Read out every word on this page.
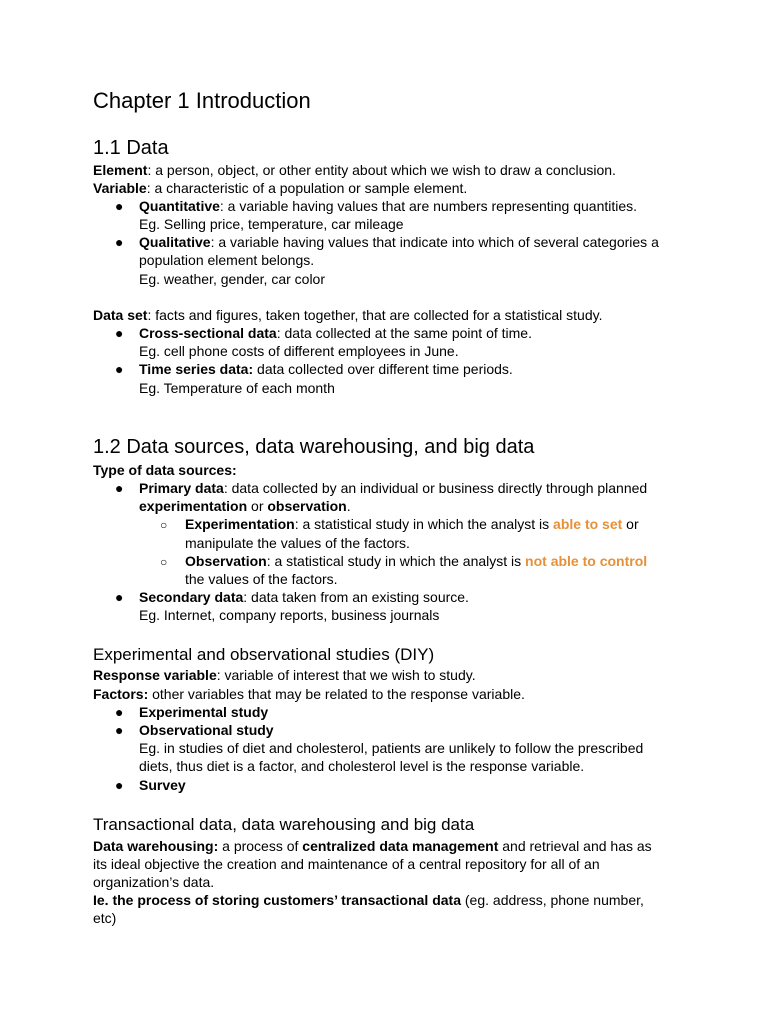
Chapter 1 Introduction
1.1 Data
Element: a person, object, or other entity about which we wish to draw a conclusion.
Variable: a characteristic of a population or sample element.
● Quantitative: a variable having values that are numbers representing quantities.
Eg. Selling price, temperature, car mileage
● Qualitative: a variable having values that indicate into which of several categories a
population element belongs.
Eg. weather, gender, car color
Data set: facts and figures, taken together, that are collected for a statistical study.
● Cross-sectional data: data collected at the same point of time.
Eg. cell phone costs of different employees in June.
● Time series data: data collected over different time periods.
Eg. Temperature of each month
1.2 Data sources, data warehousing, and big data
Type of data sources:
● Primary data: data collected by an individual or business directly through planned
experimentation or observation.
○ Experimentation: a statistical study in which the analyst is able to set or
manipulate the values of the factors.
○ Observation: a statistical study in which the analyst is not able to control
the values of the factors.
● Secondary data: data taken from an existing source.
Eg. Internet, company reports, business journals
Experimental and observational studies (DIY)
Response variable: variable of interest that we wish to study.
Factors: other variables that may be related to the response variable.
● Experimental study
● Observational study
Eg. in studies of diet and cholesterol, patients are unlikely to follow the prescribed
diets, thus diet is a factor, and cholesterol level is the response variable.
● Survey
Transactional data, data warehousing and big data
Data warehousing: a process of centralized data management and retrieval and has as
its ideal objective the creation and maintenance of a central repository for all of an
organization’s data.
Ie. the process of storing customers’ transactional data (eg. address, phone number,
etc)
